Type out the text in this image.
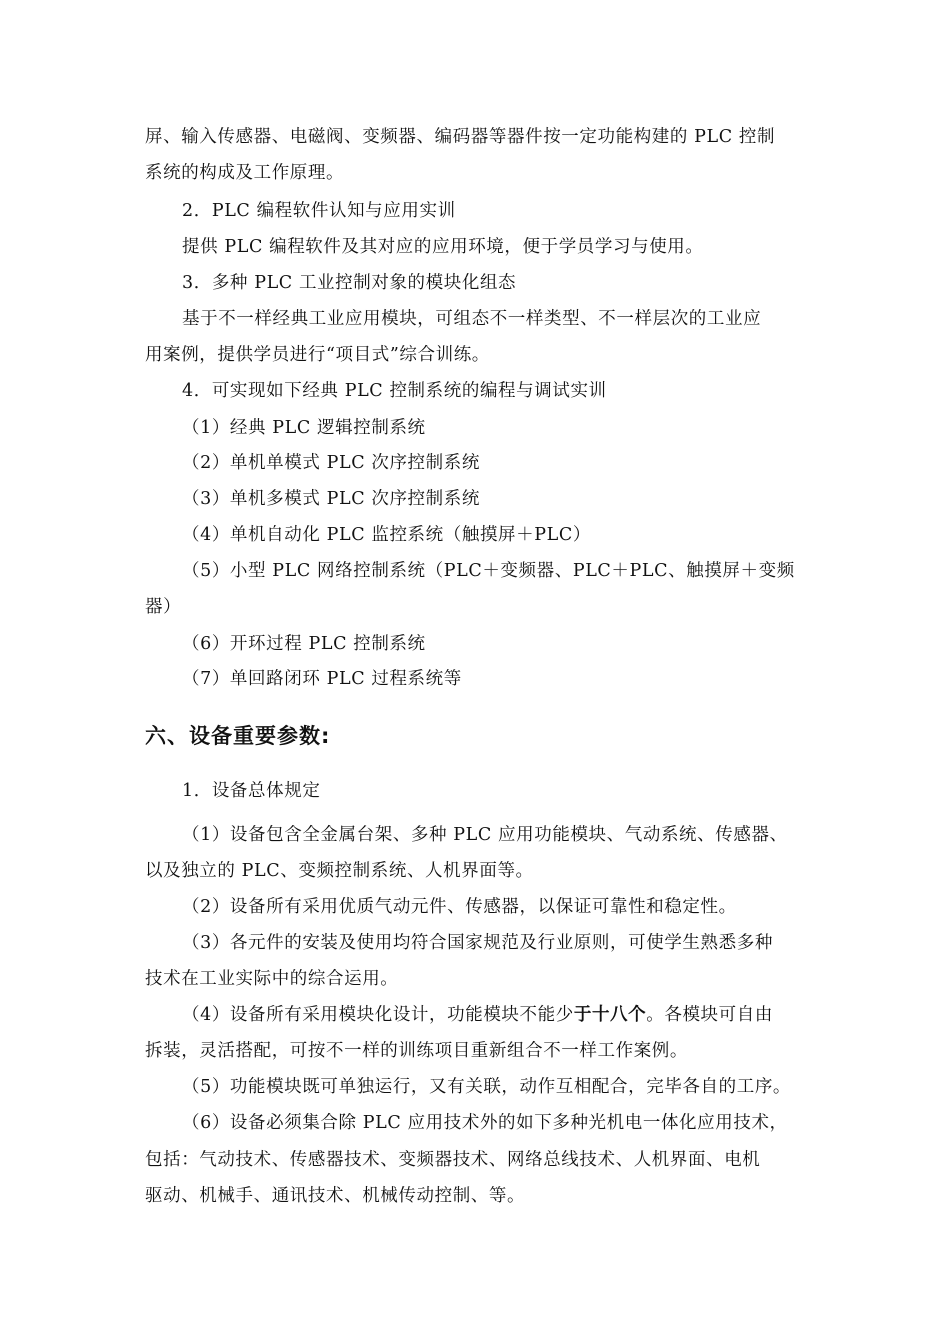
屏、输入传感器、电磁阀、变频器、编码器等器件按一定功能构建的 PLC 控制
系统的构成及工作原理。
2．PLC 编程软件认知与应用实训
提供 PLC 编程软件及其对应的应用环境，便于学员学习与使用。
3．多种 PLC 工业控制对象的模块化组态
基于不一样经典工业应用模块，可组态不一样类型、不一样层次的工业应
用案例，提供学员进行“项目式”综合训练。
4．可实现如下经典 PLC 控制系统的编程与调试实训
（1）经典 PLC 逻辑控制系统
（2）单机单模式 PLC 次序控制系统
（3）单机多模式 PLC 次序控制系统
（4）单机自动化 PLC 监控系统（触摸屏＋PLC）
（5）小型 PLC 网络控制系统（PLC＋变频器、PLC＋PLC、触摸屏＋变频
器）
（6）开环过程 PLC 控制系统
（7）单回路闭环 PLC 过程系统等
六、设备重要参数:
1．设备总体规定
（1）设备包含全金属台架、多种 PLC 应用功能模块、气动系统、传感器、
以及独立的 PLC、变频控制系统、人机界面等。
（2）设备所有采用优质气动元件、传感器，以保证可靠性和稳定性。
（3）各元件的安装及使用均符合国家规范及行业原则，可使学生熟悉多种
技术在工业实际中的综合运用。
（4）设备所有采用模块化设计，功能模块不能少于十八个。各模块可自由
拆装，灵活搭配，可按不一样的训练项目重新组合不一样工作案例。
（5）功能模块既可单独运行，又有关联，动作互相配合，完毕各自的工序。
（6）设备必须集合除 PLC 应用技术外的如下多种光机电一体化应用技术，
包括：气动技术、传感器技术、变频器技术、网络总线技术、人机界面、电机
驱动、机械手、通讯技术、机械传动控制、等。
